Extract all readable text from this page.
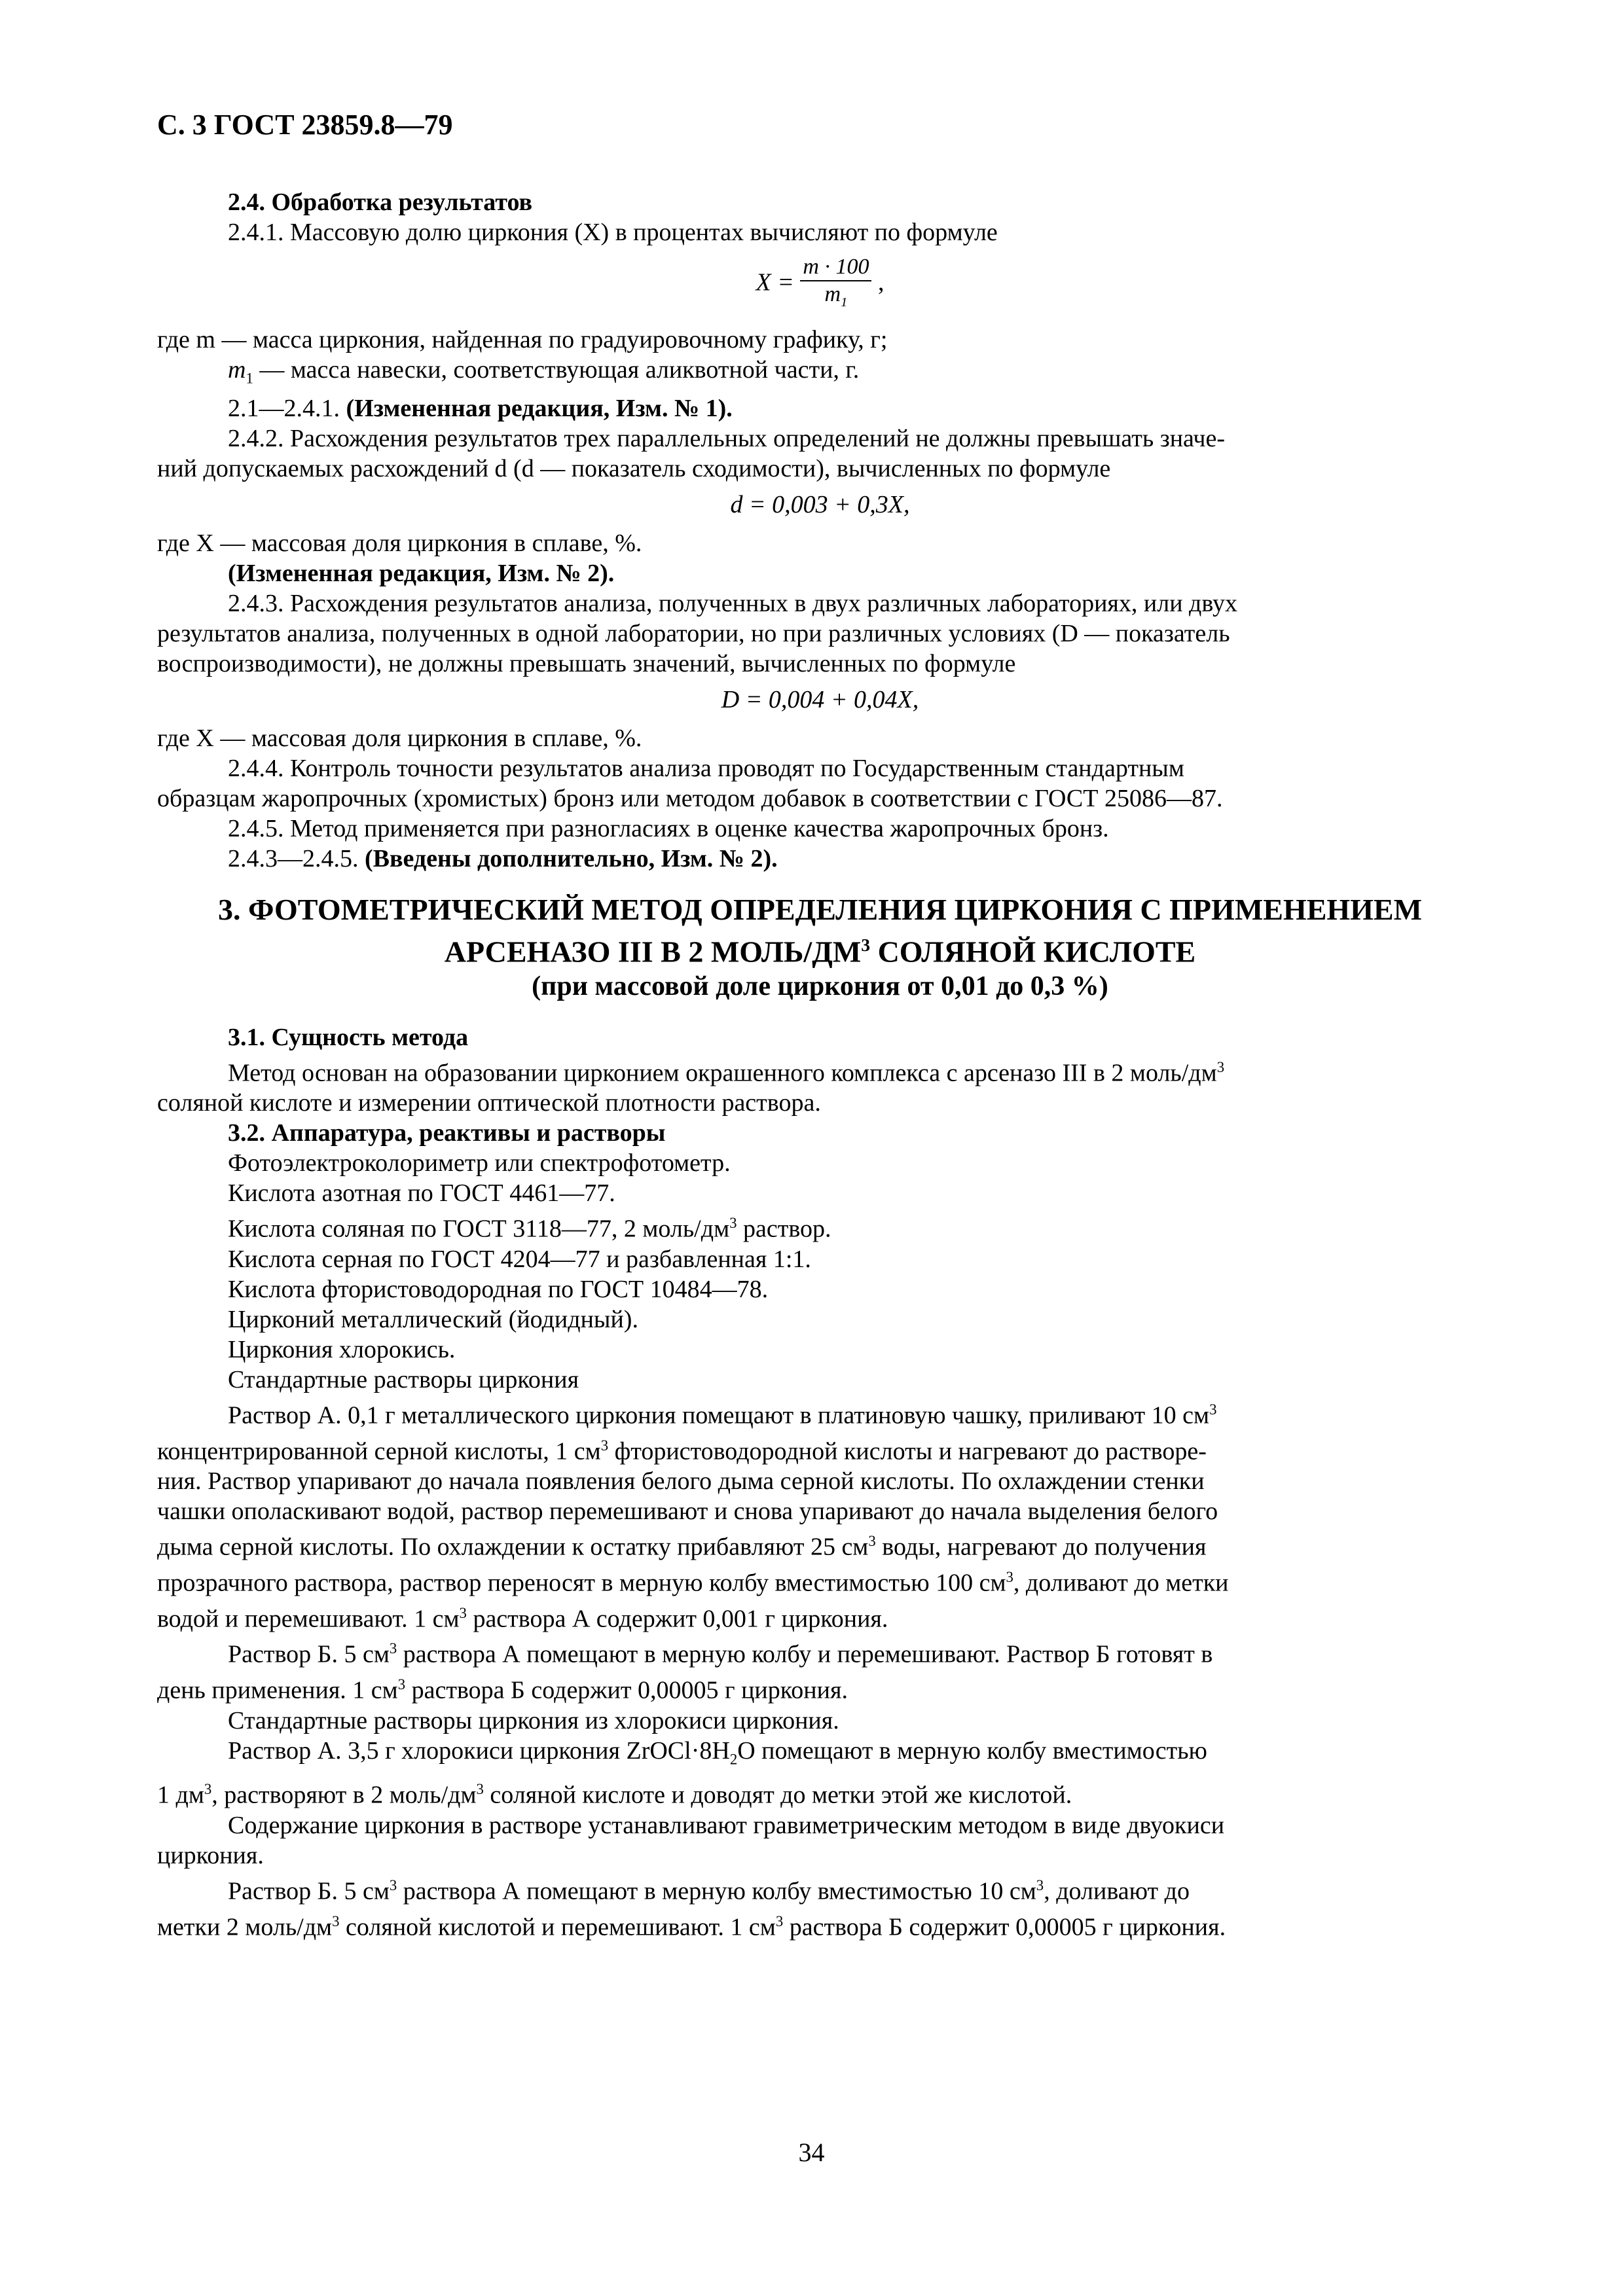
С. 3 ГОСТ 23859.8—79

2.4. Обработка результатов

2.4.1. Массовую долю циркония (X) в процентах вычисляют по формуле

$X = \frac{m \cdot 100}{m_1}$ ,

где m — масса циркония, найденная по градуировочному графику, г;

$m_1$ — масса навески, соответствующая аликвотной части, г.

2.1—2.4.1. (Измененная редакция, Изм. № 1).

2.4.2. Расхождения результатов трех параллельных определений не должны превышать значе-

ний допускаемых расхождений d (d — показатель сходимости), вычисленных по формуле

d = 0,003 + 0,3X,

где X — массовая доля циркония в сплаве, %.

(Измененная редакция, Изм. № 2).

2.4.3. Расхождения результатов анализа, полученных в двух различных лабораториях, или двух

результатов анализа, полученных в одной лаборатории, но при различных условиях (D — показатель

воспроизводимости), не должны превышать значений, вычисленных по формуле

D = 0,004 + 0,04X,

где X — массовая доля циркония в сплаве, %.

2.4.4. Контроль точности результатов анализа проводят по Государственным стандартным

образцам жаропрочных (хромистых) бронз или методом добавок в соответствии с ГОСТ 25086—87.

2.4.5. Метод применяется при разногласиях в оценке качества жаропрочных бронз.

2.4.3—2.4.5. (Введены дополнительно, Изм. № 2).

3. ФОТОМЕТРИЧЕСКИЙ МЕТОД ОПРЕДЕЛЕНИЯ ЦИРКОНИЯ С ПРИМЕНЕНИЕМ
АРСЕНАЗО III В 2 МОЛЬ/$ДМ^3$ СОЛЯНОЙ КИСЛОТЕ
(при массовой доле циркония от 0,01 до 0,3 %)

3.1. Сущность метода

Метод основан на образовании цирконием окрашенного комплекса с арсеназо III в 2 моль/$дм^3$

соляной кислоте и измерении оптической плотности раствора.

3.2. Аппаратура, реактивы и растворы

Фотоэлектроколориметр или спектрофотометр.

Кислота азотная по ГОСТ 4461—77.

Кислота соляная по ГОСТ 3118—77, 2 моль/$дм^3$ раствор.

Кислота серная по ГОСТ 4204—77 и разбавленная 1:1.

Кислота фтористоводородная по ГОСТ 10484—78.

Цирконий металлический (йодидный).

Циркония хлорокись.

Стандартные растворы циркония

Раствор А. 0,1 г металлического циркония помещают в платиновую чашку, приливают 10 $см^3$

концентрированной серной кислоты, 1 $см^3$ фтористоводородной кислоты и нагревают до растворе-

ния. Раствор упаривают до начала появления белого дыма серной кислоты. По охлаждении стенки

чашки ополаскивают водой, раствор перемешивают и снова упаривают до начала выделения белого

дыма серной кислоты. По охлаждении к остатку прибавляют 25 $см^3$ воды, нагревают до получения

прозрачного раствора, раствор переносят в мерную колбу вместимостью 100 $см^3$, доливают до метки

водой и перемешивают. 1 $см^3$ раствора А содержит 0,001 г циркония.

Раствор Б. 5 $см^3$ раствора А помещают в мерную колбу и перемешивают. Раствор Б готовят в

день применения. 1 $см^3$ раствора Б содержит 0,00005 г циркония.

Стандартные растворы циркония из хлорокиси циркония.

Раствор А. 3,5 г хлорокиси циркония $ZrOCl\cdot 8H_2O$ помещают в мерную колбу вместимостью

1 $дм^3$, растворяют в 2 моль/$дм^3$ соляной кислоте и доводят до метки этой же кислотой.

Содержание циркония в растворе устанавливают гравиметрическим методом в виде двуокиси

циркония.

Раствор Б. 5 $см^3$ раствора А помещают в мерную колбу вместимостью 10 $см^3$, доливают до

метки 2 моль/$дм^3$ соляной кислотой и перемешивают. 1 $см^3$ раствора Б содержит 0,00005 г циркония.

34
